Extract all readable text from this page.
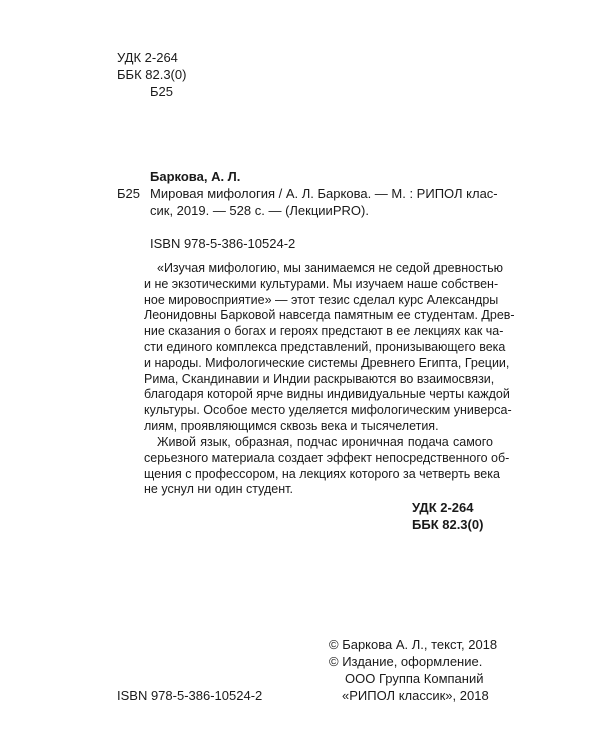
УДК 2-264
ББК 82.3(0)
Б25
Баркова, А. Л.
Б25 Мировая мифология / А. Л. Баркова. — М. : РИПОЛ клас-
сик, 2019. — 528 с. — (ЛекцииPRO).
ISBN 978-5-386-10524-2
«Изучая мифологию, мы занимаемся не седой древностью
и не экзотическими культурами. Мы изучаем наше собствен-
ное мировосприятие» — этот тезис сделал курс Александры
Леонидовны Барковой навсегда памятным ее студентам. Древ-
ние сказания о богах и героях предстают в ее лекциях как ча-
сти единого комплекса представлений, пронизывающего века
и народы. Мифологические системы Древнего Египта, Греции,
Рима, Скандинавии и Индии раскрываются во взаимосвязи,
благодаря которой ярче видны индивидуальные черты каждой
культуры. Особое место уделяется мифологическим универса-
лиям, проявляющимся сквозь века и тысячелетия.
Живой язык, образная, подчас ироничная подача самого
серьезного материала создает эффект непосредственного об-
щения с профессором, на лекциях которого за четверть века
не уснул ни один студент.
УДК 2-264
ББК 82.3(0)
ISBN 978-5-386-10524-2
© Баркова А. Л., текст, 2018
© Издание, оформление.
ООО Группа Компаний
«РИПОЛ классик», 2018
